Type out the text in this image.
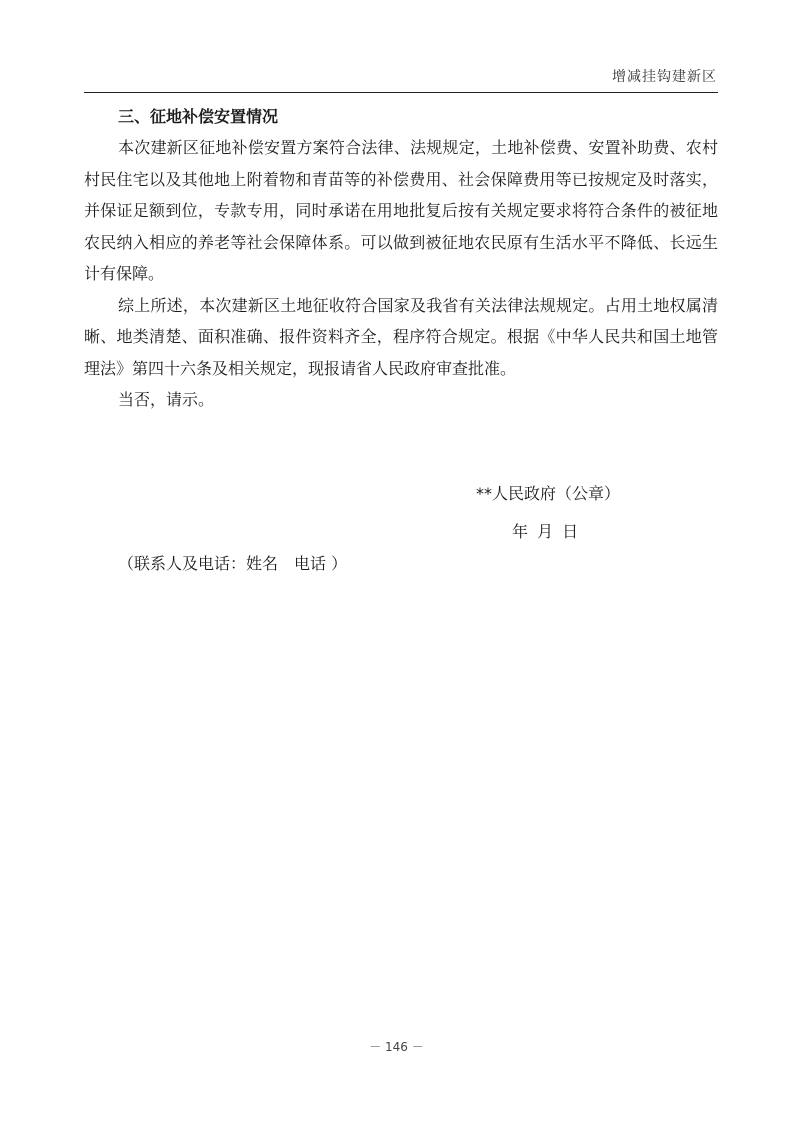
增减挂钩建新区
三、征地补偿安置情况

本次建新区征地补偿安置方案符合法律、法规规定，土地补偿费、安置补助费、农村村民住宅以及其他地上附着物和青苗等的补偿费用、社会保障费用等已按规定及时落实，并保证足额到位，专款专用，同时承诺在用地批复后按有关规定要求将符合条件的被征地农民纳入相应的养老等社会保障体系。可以做到被征地农民原有生活水平不降低、长远生计有保障。

综上所述，本次建新区土地征收符合国家及我省有关法律法规规定。占用土地权属清晰、地类清楚、面积准确、报件资料齐全，程序符合规定。根据《中华人民共和国土地管理法》第四十六条及相关规定，现报请省人民政府审查批准。

当否，请示。

**人民政府（公章）
年 月 日
（联系人及电话：姓名　电话 ）
－ 146 －
